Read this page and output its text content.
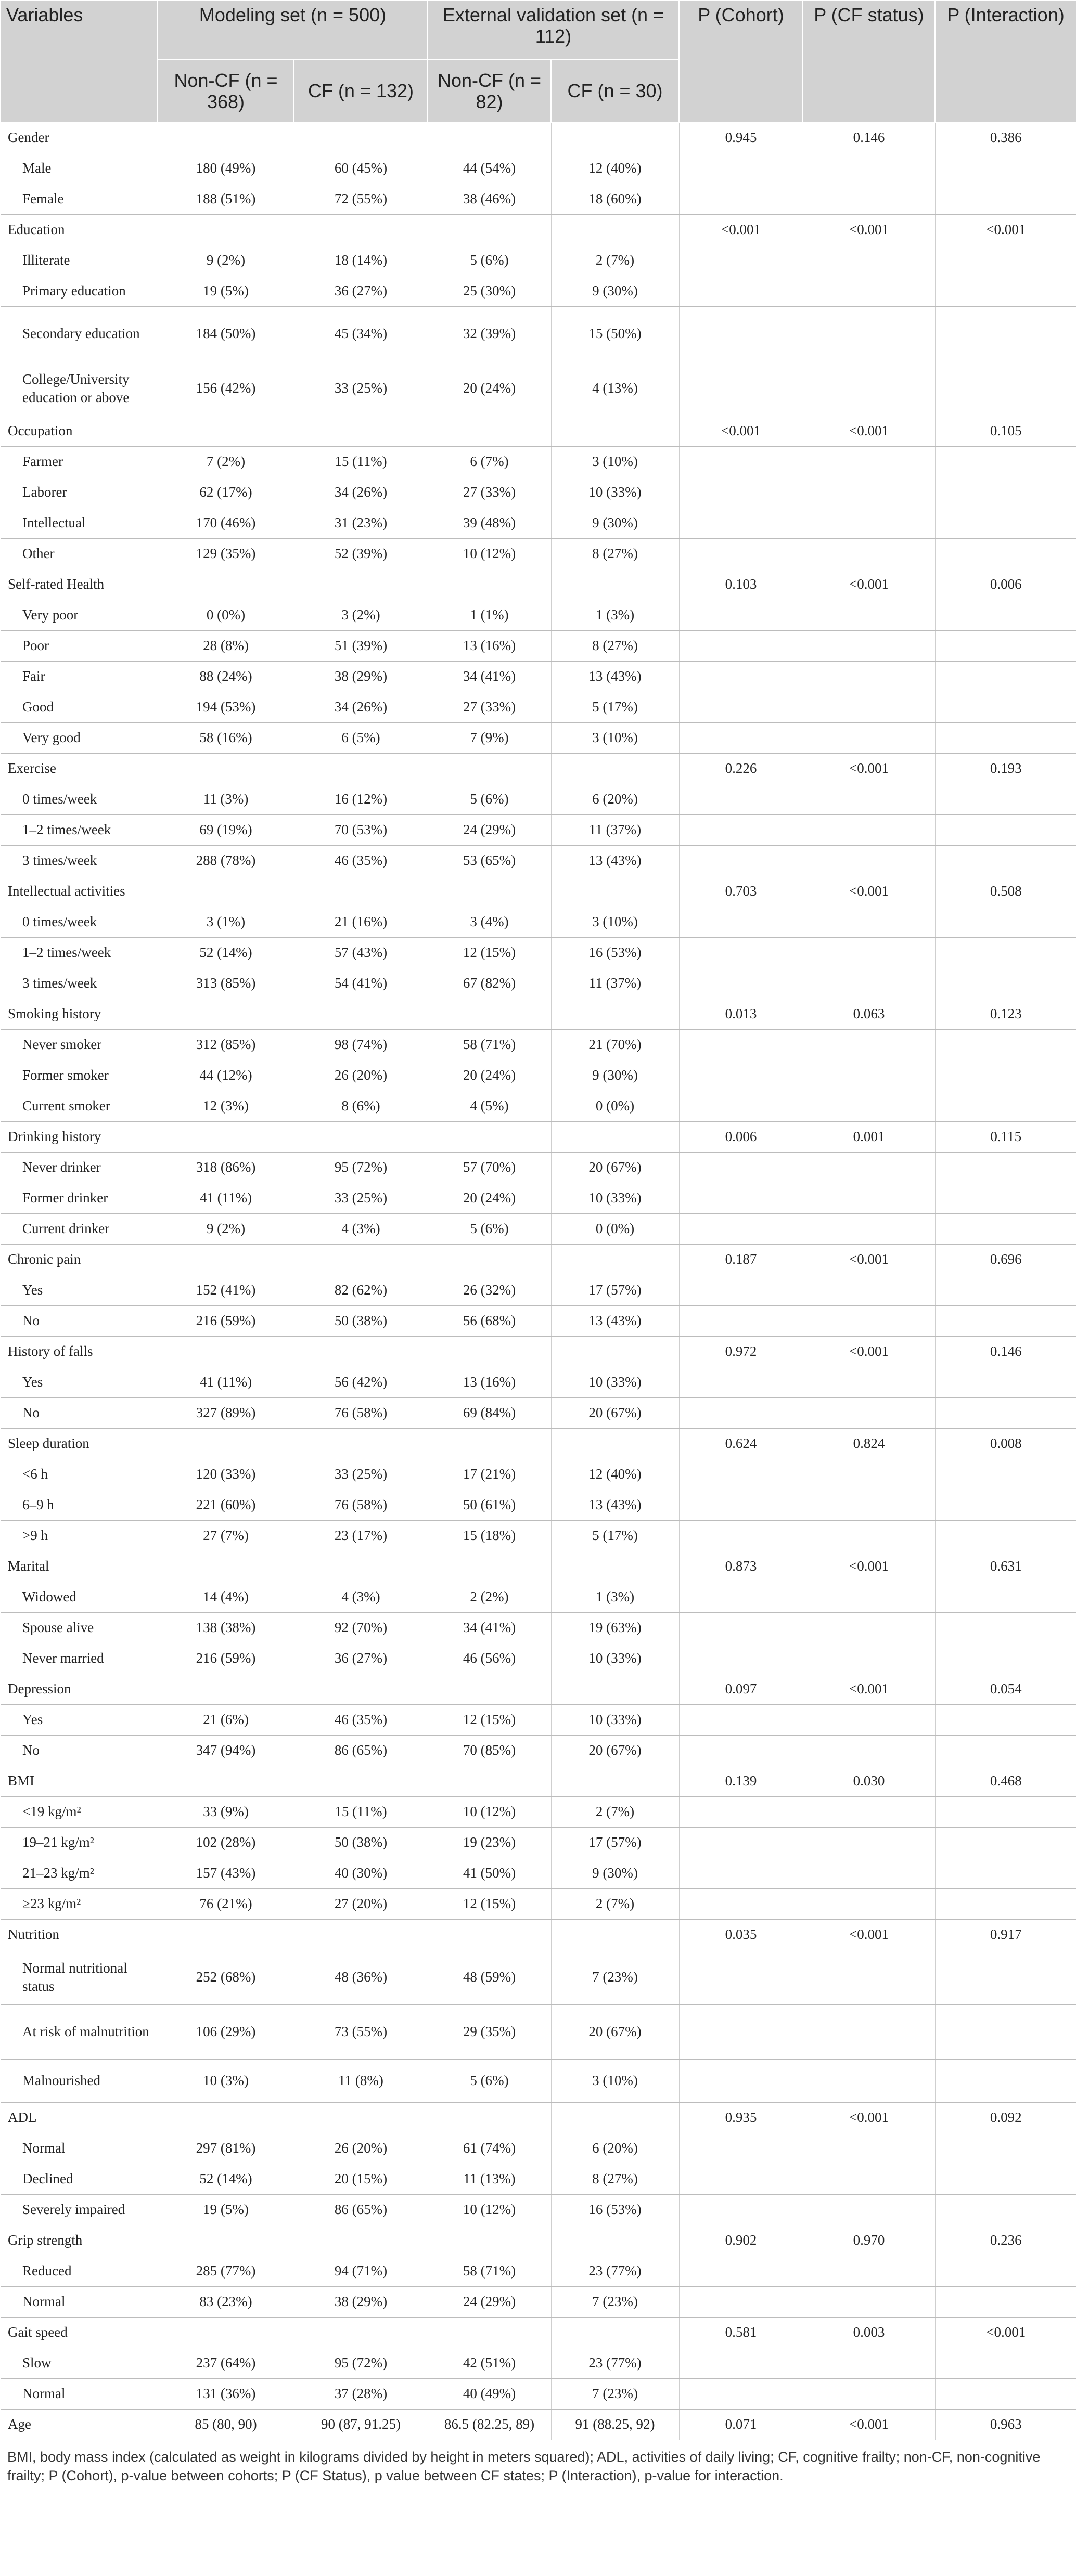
Variables	Modeling set (n = 500)		External validation set (n = 112)		P (Cohort)	P (CF status)	P (Interaction)
	Non-CF (n = 368)	CF (n = 132)	Non-CF (n = 82)	CF (n = 30)			
Gender					0.945	0.146	0.386
Male	180 (49%)	60 (45%)	44 (54%)	12 (40%)			
Female	188 (51%)	72 (55%)	38 (46%)	18 (60%)			
Education					<0.001	<0.001	<0.001
Illiterate	9 (2%)	18 (14%)	5 (6%)	2 (7%)			
Primary education	19 (5%)	36 (27%)	25 (30%)	9 (30%)			
Secondary education	184 (50%)	45 (34%)	32 (39%)	15 (50%)			
College/University education or above	156 (42%)	33 (25%)	20 (24%)	4 (13%)			
Occupation					<0.001	<0.001	0.105
Farmer	7 (2%)	15 (11%)	6 (7%)	3 (10%)			
Laborer	62 (17%)	34 (26%)	27 (33%)	10 (33%)			
Intellectual	170 (46%)	31 (23%)	39 (48%)	9 (30%)			
Other	129 (35%)	52 (39%)	10 (12%)	8 (27%)			
Self-rated Health					0.103	<0.001	0.006
Very poor	0 (0%)	3 (2%)	1 (1%)	1 (3%)			
Poor	28 (8%)	51 (39%)	13 (16%)	8 (27%)			
Fair	88 (24%)	38 (29%)	34 (41%)	13 (43%)			
Good	194 (53%)	34 (26%)	27 (33%)	5 (17%)			
Very good	58 (16%)	6 (5%)	7 (9%)	3 (10%)			
Exercise					0.226	<0.001	0.193
0 times/week	11 (3%)	16 (12%)	5 (6%)	6 (20%)			
1–2 times/week	69 (19%)	70 (53%)	24 (29%)	11 (37%)			
3 times/week	288 (78%)	46 (35%)	53 (65%)	13 (43%)			
Intellectual activities					0.703	<0.001	0.508
0 times/week	3 (1%)	21 (16%)	3 (4%)	3 (10%)			
1–2 times/week	52 (14%)	57 (43%)	12 (15%)	16 (53%)			
3 times/week	313 (85%)	54 (41%)	67 (82%)	11 (37%)			
Smoking history					0.013	0.063	0.123
Never smoker	312 (85%)	98 (74%)	58 (71%)	21 (70%)			
Former smoker	44 (12%)	26 (20%)	20 (24%)	9 (30%)			
Current smoker	12 (3%)	8 (6%)	4 (5%)	0 (0%)			
Drinking history					0.006	0.001	0.115
Never drinker	318 (86%)	95 (72%)	57 (70%)	20 (67%)			
Former drinker	41 (11%)	33 (25%)	20 (24%)	10 (33%)			
Current drinker	9 (2%)	4 (3%)	5 (6%)	0 (0%)			
Chronic pain					0.187	<0.001	0.696
Yes	152 (41%)	82 (62%)	26 (32%)	17 (57%)			
No	216 (59%)	50 (38%)	56 (68%)	13 (43%)			
History of falls					0.972	<0.001	0.146
Yes	41 (11%)	56 (42%)	13 (16%)	10 (33%)			
No	327 (89%)	76 (58%)	69 (84%)	20 (67%)			
Sleep duration					0.624	0.824	0.008
<6 h	120 (33%)	33 (25%)	17 (21%)	12 (40%)			
6–9 h	221 (60%)	76 (58%)	50 (61%)	13 (43%)			
>9 h	27 (7%)	23 (17%)	15 (18%)	5 (17%)			
Marital					0.873	<0.001	0.631
Widowed	14 (4%)	4 (3%)	2 (2%)	1 (3%)			
Spouse alive	138 (38%)	92 (70%)	34 (41%)	19 (63%)			
Never married	216 (59%)	36 (27%)	46 (56%)	10 (33%)			
Depression					0.097	<0.001	0.054
Yes	21 (6%)	46 (35%)	12 (15%)	10 (33%)			
No	347 (94%)	86 (65%)	70 (85%)	20 (67%)			
BMI					0.139	0.030	0.468
<19 kg/m²	33 (9%)	15 (11%)	10 (12%)	2 (7%)			
19–21 kg/m²	102 (28%)	50 (38%)	19 (23%)	17 (57%)			
21–23 kg/m²	157 (43%)	40 (30%)	41 (50%)	9 (30%)			
≥23 kg/m²	76 (21%)	27 (20%)	12 (15%)	2 (7%)			
Nutrition					0.035	<0.001	0.917
Normal nutritional status	252 (68%)	48 (36%)	48 (59%)	7 (23%)			
At risk of malnutrition	106 (29%)	73 (55%)	29 (35%)	20 (67%)			
Malnourished	10 (3%)	11 (8%)	5 (6%)	3 (10%)			
ADL					0.935	<0.001	0.092
Normal	297 (81%)	26 (20%)	61 (74%)	6 (20%)			
Declined	52 (14%)	20 (15%)	11 (13%)	8 (27%)			
Severely impaired	19 (5%)	86 (65%)	10 (12%)	16 (53%)			
Grip strength					0.902	0.970	0.236
Reduced	285 (77%)	94 (71%)	58 (71%)	23 (77%)			
Normal	83 (23%)	38 (29%)	24 (29%)	7 (23%)			
Gait speed					0.581	0.003	<0.001
Slow	237 (64%)	95 (72%)	42 (51%)	23 (77%)			
Normal	131 (36%)	37 (28%)	40 (49%)	7 (23%)			
Age	85 (80, 90)	90 (87, 91.25)	86.5 (82.25, 89)	91 (88.25, 92)	0.071	<0.001	0.963
BMI, body mass index (calculated as weight in kilograms divided by height in meters squared); ADL, activities of daily living; CF, cognitive frailty; non-CF, non-cognitive frailty; P (Cohort), p-value between cohorts; P (CF Status), p value between CF states; P (Interaction), p-value for interaction.
